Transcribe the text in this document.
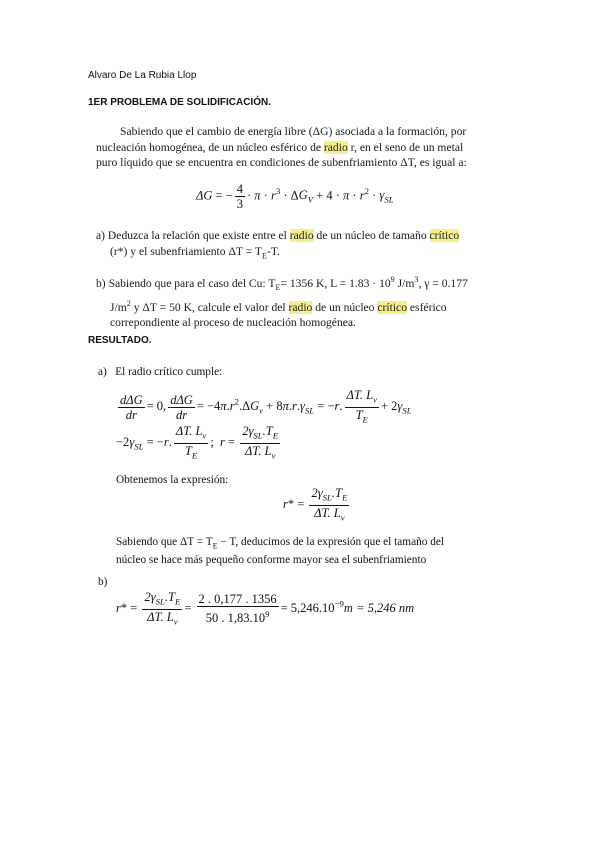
Alvaro De La Rubia Llop
1ER PROBLEMA DE SOLIDIFICACIÓN.
Sabiendo que el cambio de energía libre (ΔG) asociada a la formación, por
nucleación homogénea, de un núcleo esférico de radio r, en el seno de un metal
puro líquido que se encuentra en condiciones de subenfriamiento ΔT, es igual a:
ΔG = − $\frac{4}{3} \cdot \pi \cdot r^3 \cdot \Delta G_V + 4 \cdot \pi \cdot r^2 \cdot \gamma_{SL}$
a) Deduzca la relación que existe entre el radio de un núcleo de tamaño crítico
(r*) y el subenfriamiento $\Delta T = T_E-T$.
b) Sabiendo que para el caso del Cu: $T_E= 1356$ K, $L = 1.83 \cdot 10^9$ $J/m^3$, γ = 0.177
$J/m^2$ y ΔT = 50 K, calcule el valor del radio de un núcleo crítico esférico
correpondiente al proceso de nucleación homogénea.
RESULTADO.
a) El radio crítico cumple:
$\frac{\text{dΔG}}{dr} = 0$, $\frac{\text{dΔG}}{dr} = -4\pi.r^2.\Delta G_v + 8\pi.r.\gamma_{SL} = -r$. $\frac{\Delta T. L_v}{T_E} + 2\gamma_{SL}$
$-2\gamma_{SL} = -r$. $\frac{\Delta T. L_v}{T_E}$ ;  $r = \frac{2\gamma_{SL}.T_E}{\Delta T. L_v}$
Obtenemos la expresión:
$r* = \frac{2\gamma_{SL}.T_E}{\Delta T. L_v}$
Sabiendo que $\Delta T = T_E - T$, deducimos de la expresión que el tamaño del
núcleo se hace más pequeño conforme mayor sea el subenfriamiento
b)
$r* = \frac{2\gamma_{SL}.T_E}{\Delta T. L_v} = \frac{2 . 0,177 . 1356}{50 . 1,83.10^9} = 5,246.10^{-9}m = 5,246$ nm
